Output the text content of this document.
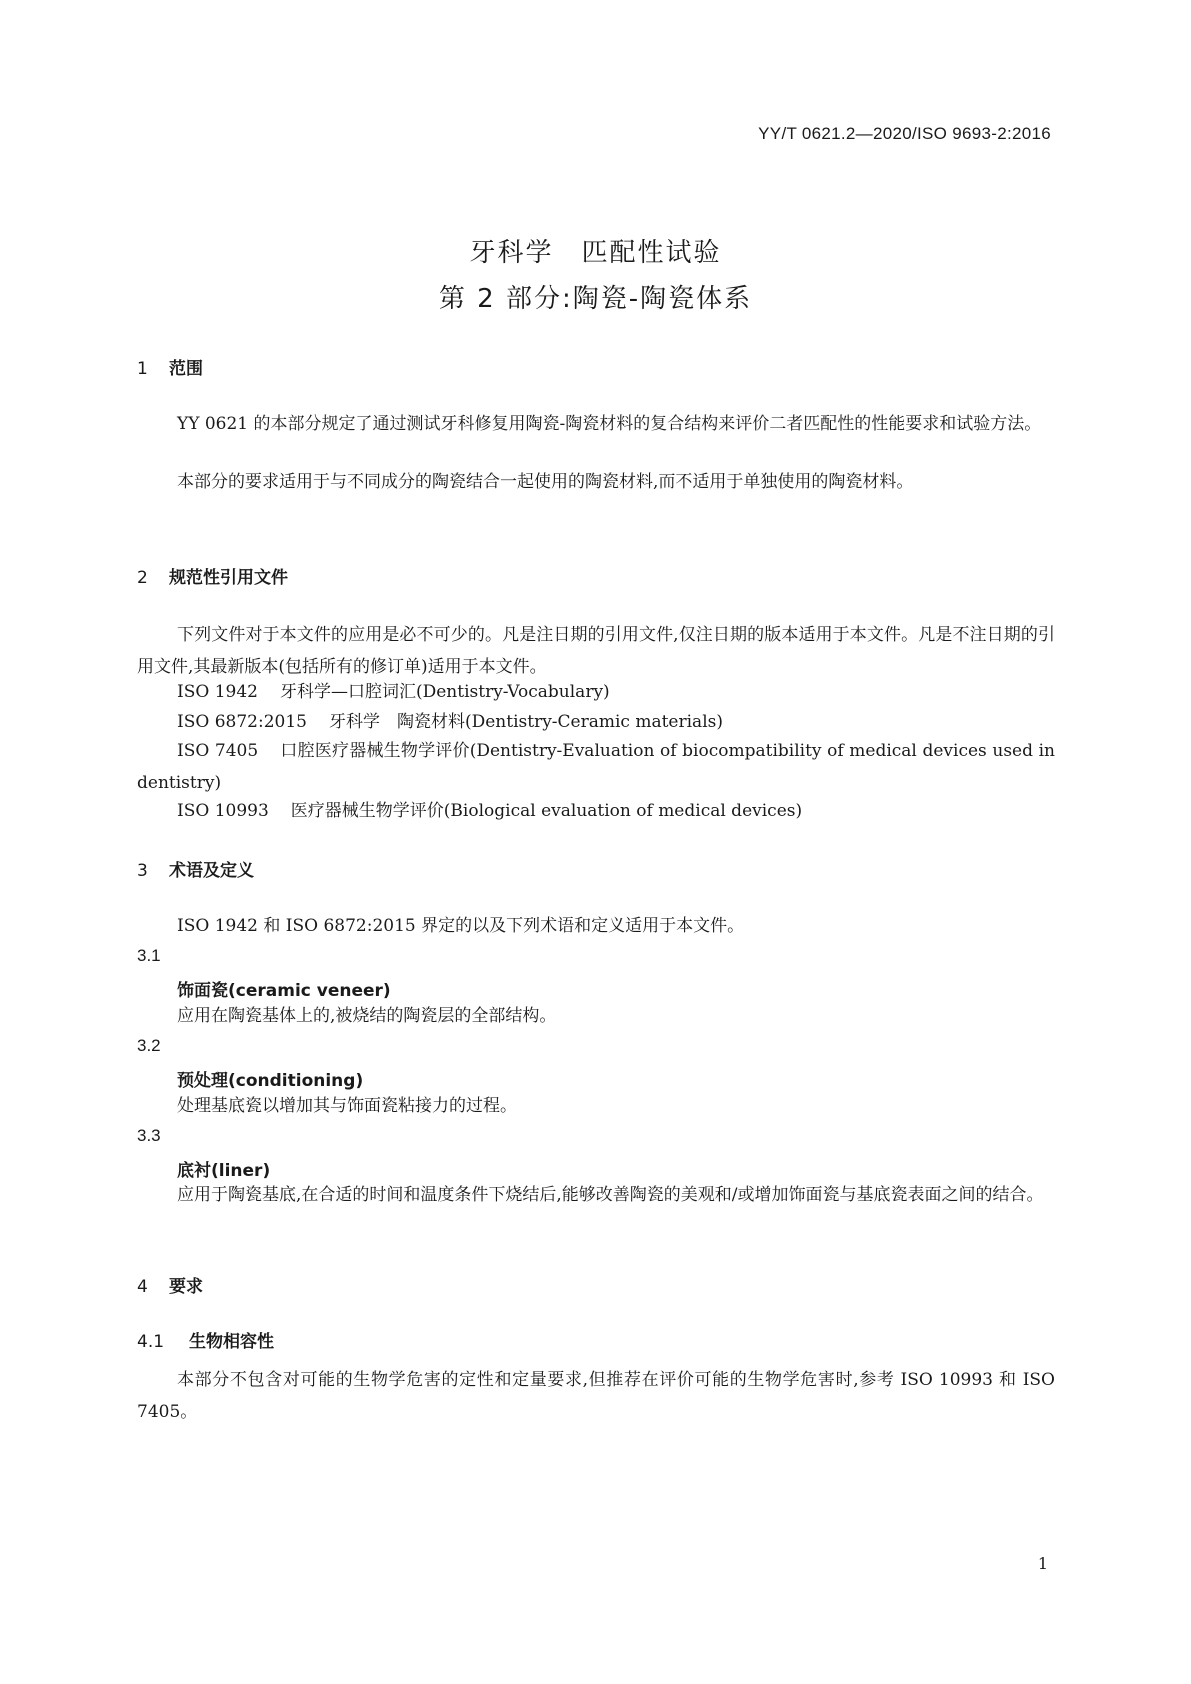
YY/T 0621.2—2020/ISO 9693-2:2016
牙科学　匹配性试验
第 2 部分:陶瓷-陶瓷体系
1 范围
YY 0621 的本部分规定了通过测试牙科修复用陶瓷-陶瓷材料的复合结构来评价二者匹配性的性能要求和试验方法。
本部分的要求适用于与不同成分的陶瓷结合一起使用的陶瓷材料,而不适用于单独使用的陶瓷材料。
2 规范性引用文件
下列文件对于本文件的应用是必不可少的。凡是注日期的引用文件,仅注日期的版本适用于本文件。凡是不注日期的引用文件,其最新版本(包括所有的修订单)适用于本文件。
ISO 1942 牙科学—口腔词汇(Dentistry-Vocabulary)
ISO 6872:2015 牙科学　陶瓷材料(Dentistry-Ceramic materials)
ISO 7405 口腔医疗器械生物学评价(Dentistry-Evaluation of biocompatibility of medical devices used in dentistry)
ISO 10993 医疗器械生物学评价(Biological evaluation of medical devices)
3 术语及定义
ISO 1942 和 ISO 6872:2015 界定的以及下列术语和定义适用于本文件。
3.1
饰面瓷(ceramic veneer)
应用在陶瓷基体上的,被烧结的陶瓷层的全部结构。
3.2
预处理(conditioning)
处理基底瓷以增加其与饰面瓷粘接力的过程。
3.3
底衬(liner)
应用于陶瓷基底,在合适的时间和温度条件下烧结后,能够改善陶瓷的美观和/或增加饰面瓷与基底瓷表面之间的结合。
4 要求
4.1 生物相容性
本部分不包含对可能的生物学危害的定性和定量要求,但推荐在评价可能的生物学危害时,参考 ISO 10993 和 ISO 7405。
1
